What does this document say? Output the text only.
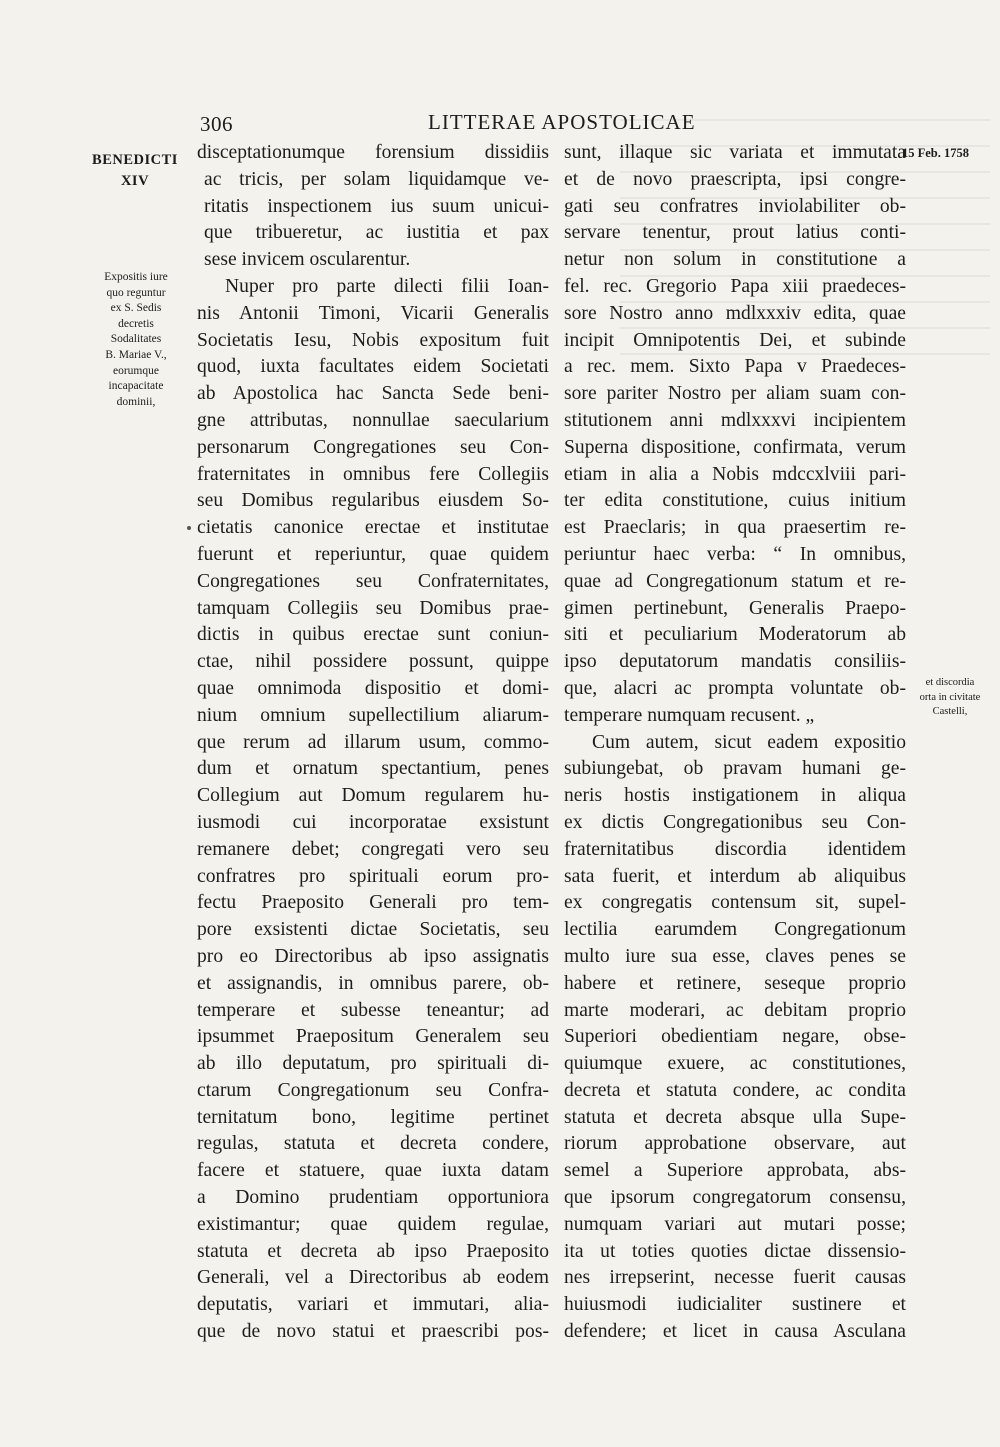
306	LITTERAE APOSTOLICAE
BENEDICTI
XIV
Expositis iure
quo reguntur
ex S. Sedis
decretis
Sodalitates
B. Mariae V.,
eorumque
incapacitate
dominii,
15 Feb. 1758
et discordia
orta in civitate
Castelli,
disceptationumque forensium dissidiis
ac tricis, per solam liquidamque ve-
ritatis inspectionem ius suum unicui-
que tribueretur, ac iustitia et pax
sese invicem oscularentur.
Nuper pro parte dilecti filii Ioan-
nis Antonii Timoni, Vicarii Generalis
Societatis Iesu, Nobis expositum fuit
quod, iuxta facultates eidem Societati
ab Apostolica hac Sancta Sede beni-
gne attributas, nonnullae saecularium
personarum Congregationes seu Con-
fraternitates in omnibus fere Collegiis
seu Domibus regularibus eiusdem So-
cietatis canonice erectae et institutae
fuerunt et reperiuntur, quae quidem
Congregationes seu Confraternitates,
tamquam Collegiis seu Domibus prae-
dictis in quibus erectae sunt coniun-
ctae, nihil possidere possunt, quippe
quae omnimoda dispositio et domi-
nium omnium supellectilium aliarum-
que rerum ad illarum usum, commo-
dum et ornatum spectantium, penes
Collegium aut Domum regularem hu-
iusmodi cui incorporatae exsistunt
remanere debet; congregati vero seu
confratres pro spirituali eorum pro-
fectu Praeposito Generali pro tem-
pore exsistenti dictae Societatis, seu
pro eo Directoribus ab ipso assignatis
et assignandis, in omnibus parere, ob-
temperare et subesse teneantur; ad
ipsummet Praepositum Generalem seu
ab illo deputatum, pro spirituali di-
ctarum Congregationum seu Confra-
ternitatum bono, legitime pertinet
regulas, statuta et decreta condere,
facere et statuere, quae iuxta datam
a Domino prudentiam opportuniora
existimantur; quae quidem regulae,
statuta et decreta ab ipso Praeposito
Generali, vel a Directoribus ab eodem
deputatis, variari et immutari, alia-
que de novo statui et praescribi pos-
sunt, illaque sic variata et immutata
et de novo praescripta, ipsi congre-
gati seu confratres inviolabiliter ob-
servare tenentur, prout latius conti-
netur non solum in constitutione a
fel. rec. Gregorio Papa xiii praedeces-
sore Nostro anno mdlxxxiv edita, quae
incipit Omnipotentis Dei, et subinde
a rec. mem. Sixto Papa v Praedeces-
sore pariter Nostro per aliam suam con-
stitutionem anni mdlxxxvi incipientem
Superna dispositione, confirmata, verum
etiam in alia a Nobis mdccxlviii pari-
ter edita constitutione, cuius initium
est Praeclaris; in qua praesertim re-
periuntur haec verba: “ In omnibus,
quae ad Congregationum statum et re-
gimen pertinebunt, Generalis Praepo-
siti et peculiarium Moderatorum ab
ipso deputatorum mandatis consiliis-
que, alacri ac prompta voluntate ob-
temperare numquam recusent. „
Cum autem, sicut eadem expositio
subiungebat, ob pravam humani ge-
neris hostis instigationem in aliqua
ex dictis Congregationibus seu Con-
fraternitatibus discordia identidem
sata fuerit, et interdum ab aliquibus
ex congregatis contensum sit, supel-
lectilia earumdem Congregationum
multo iure sua esse, claves penes se
habere et retinere, seseque proprio
marte moderari, ac debitam proprio
Superiori obedientiam negare, obse-
quiumque exuere, ac constitutiones,
decreta et statuta condere, ac condita
statuta et decreta absque ulla Supe-
riorum approbatione observare, aut
semel a Superiore approbata, abs-
que ipsorum congregatorum consensu,
numquam variari aut mutari posse;
ita ut toties quoties dictae dissensio-
nes irrepserint, necesse fuerit causas
huiusmodi iudicialiter sustinere et
defendere; et licet in causa Asculana
